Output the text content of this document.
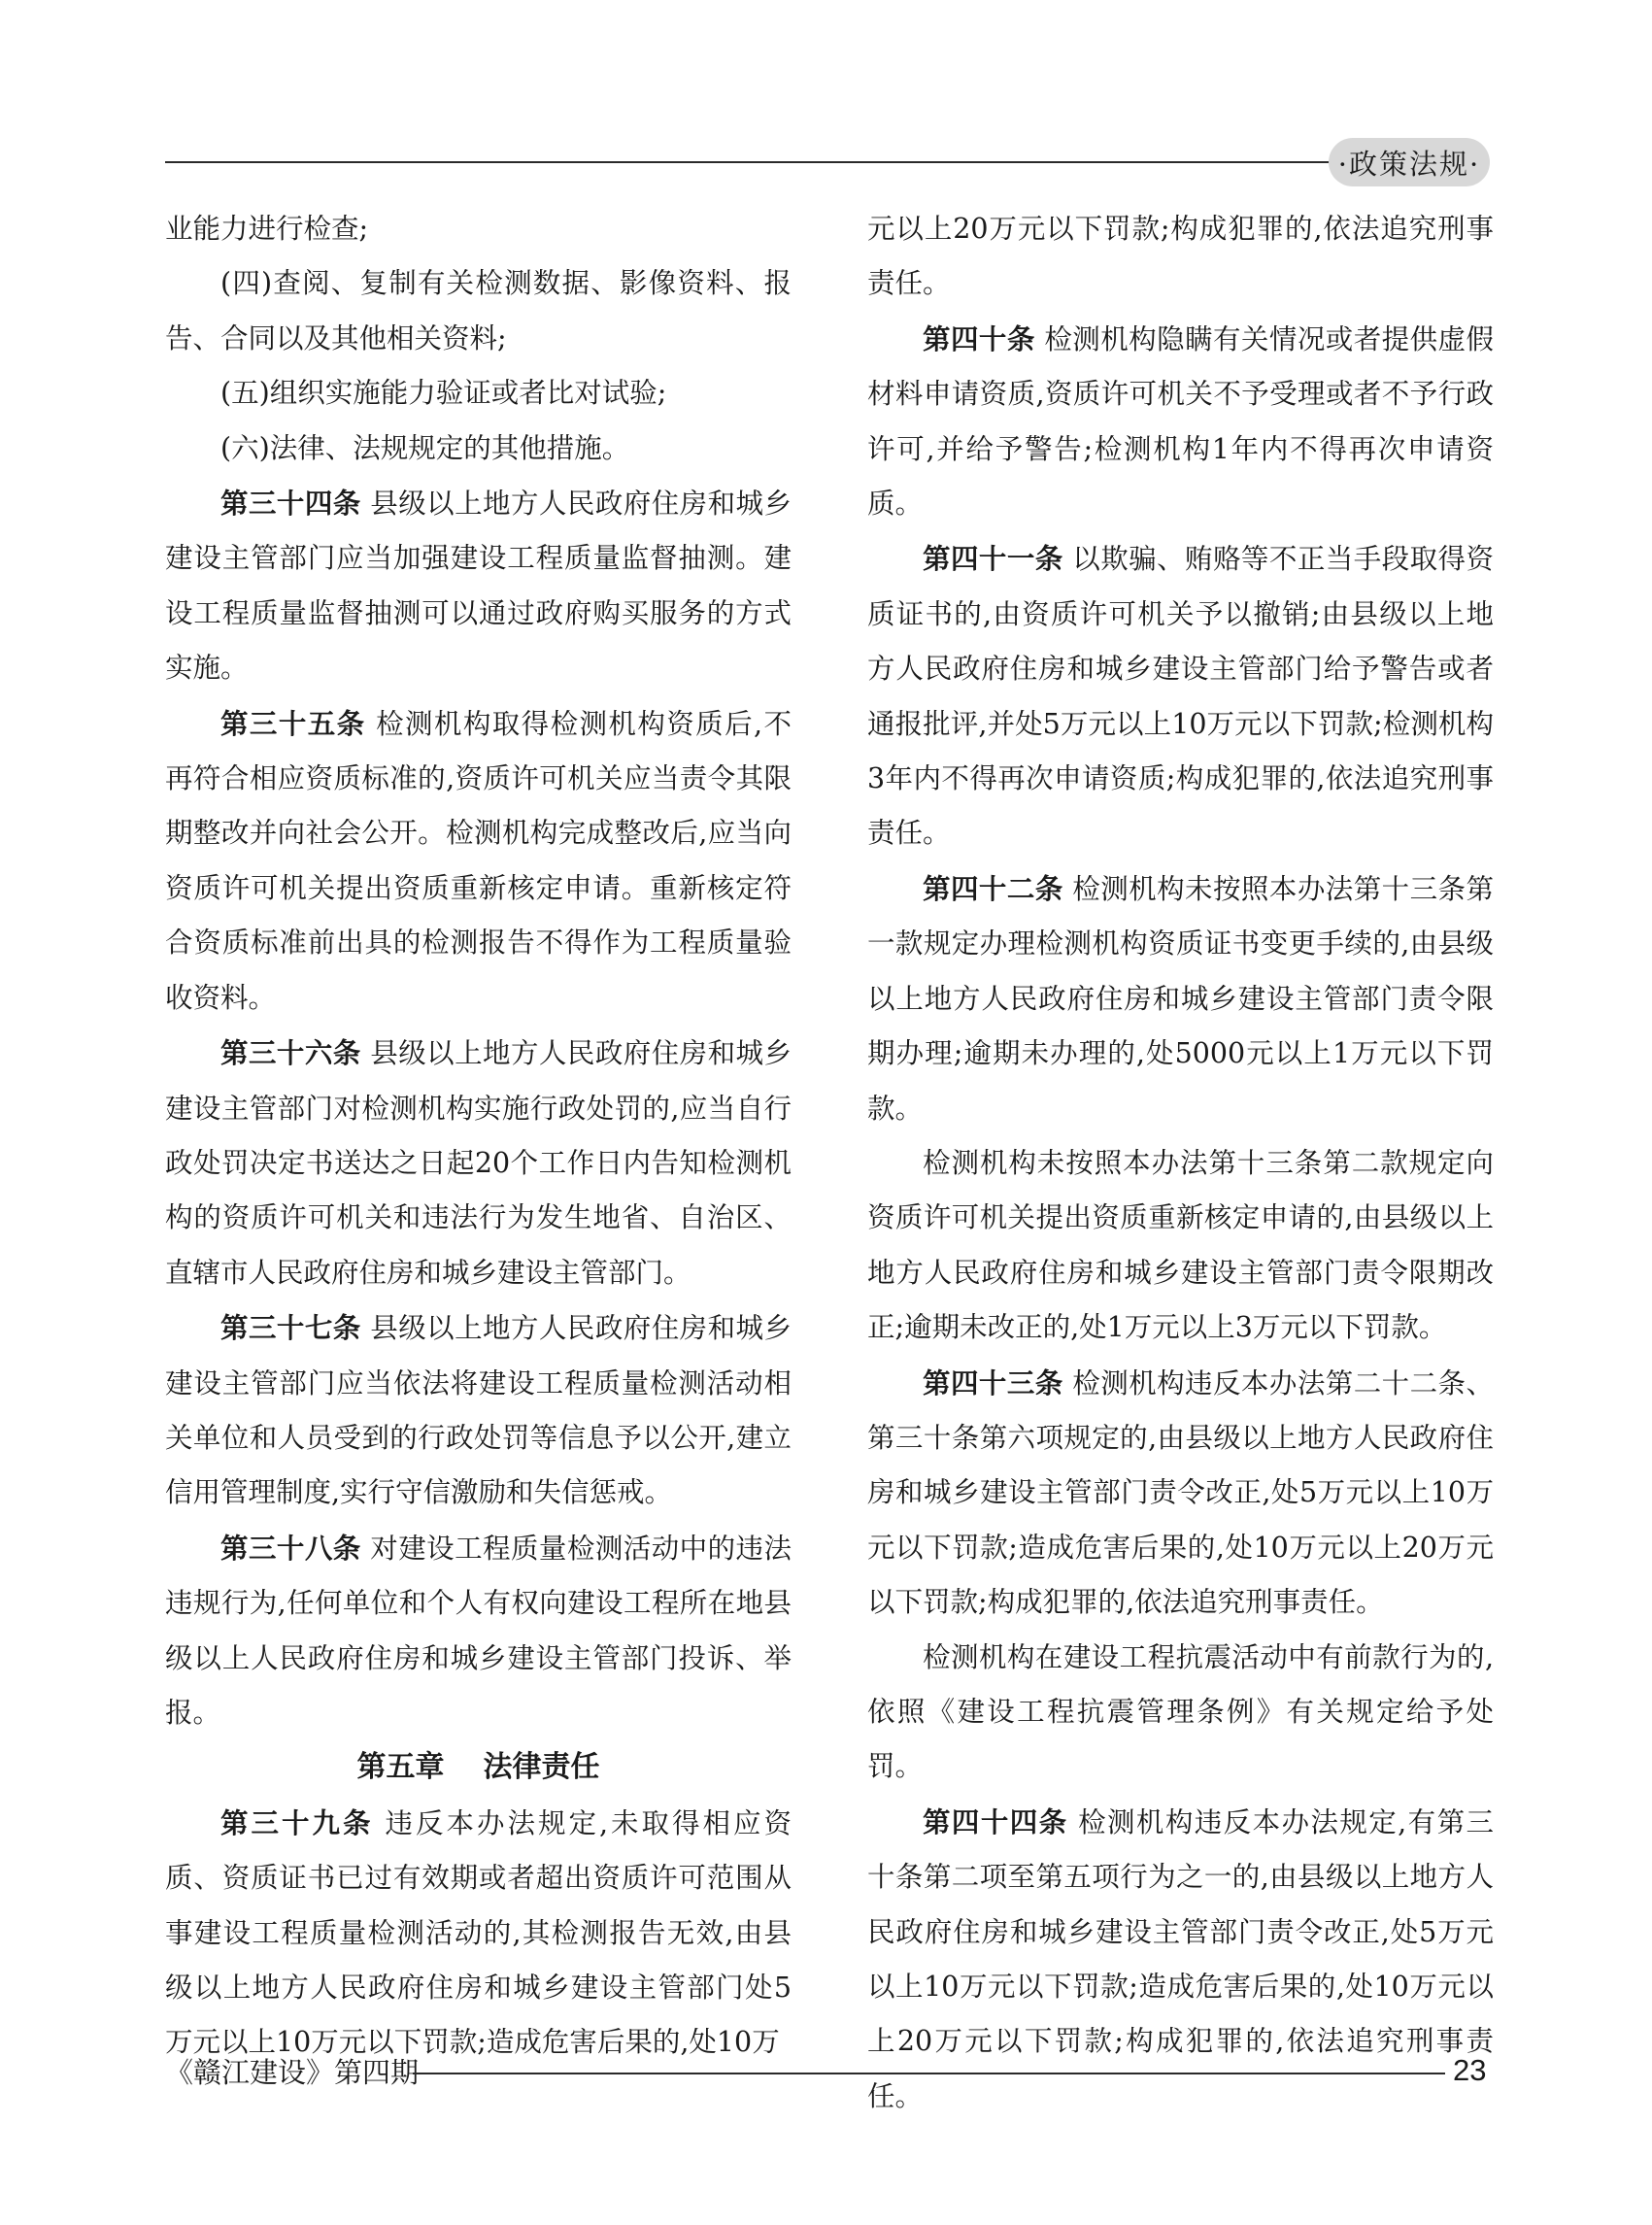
·政策法规·

业能力进行检查;

(四)查阅、复制有关检测数据、影像资料、报告、合同以及其他相关资料;

(五)组织实施能力验证或者比对试验;

(六)法律、法规规定的其他措施。

第三十四条 县级以上地方人民政府住房和城乡建设主管部门应当加强建设工程质量监督抽测。建设工程质量监督抽测可以通过政府购买服务的方式实施。

第三十五条 检测机构取得检测机构资质后,不再符合相应资质标准的,资质许可机关应当责令其限期整改并向社会公开。检测机构完成整改后,应当向资质许可机关提出资质重新核定申请。重新核定符合资质标准前出具的检测报告不得作为工程质量验收资料。

第三十六条 县级以上地方人民政府住房和城乡建设主管部门对检测机构实施行政处罚的,应当自行政处罚决定书送达之日起20个工作日内告知检测机构的资质许可机关和违法行为发生地省、自治区、直辖市人民政府住房和城乡建设主管部门。

第三十七条 县级以上地方人民政府住房和城乡建设主管部门应当依法将建设工程质量检测活动相关单位和人员受到的行政处罚等信息予以公开,建立信用管理制度,实行守信激励和失信惩戒。

第三十八条 对建设工程质量检测活动中的违法违规行为,任何单位和个人有权向建设工程所在地县级以上人民政府住房和城乡建设主管部门投诉、举报。

第五章 法律责任

第三十九条 违反本办法规定,未取得相应资质、资质证书已过有效期或者超出资质许可范围从事建设工程质量检测活动的,其检测报告无效,由县级以上地方人民政府住房和城乡建设主管部门处5万元以上10万元以下罚款;造成危害后果的,处10万

元以上20万元以下罚款;构成犯罪的,依法追究刑事责任。

第四十条 检测机构隐瞒有关情况或者提供虚假材料申请资质,资质许可机关不予受理或者不予行政许可,并给予警告;检测机构1年内不得再次申请资质。

第四十一条 以欺骗、贿赂等不正当手段取得资质证书的,由资质许可机关予以撤销;由县级以上地方人民政府住房和城乡建设主管部门给予警告或者通报批评,并处5万元以上10万元以下罚款;检测机构3年内不得再次申请资质;构成犯罪的,依法追究刑事责任。

第四十二条 检测机构未按照本办法第十三条第一款规定办理检测机构资质证书变更手续的,由县级以上地方人民政府住房和城乡建设主管部门责令限期办理;逾期未办理的,处5000元以上1万元以下罚款。

检测机构未按照本办法第十三条第二款规定向资质许可机关提出资质重新核定申请的,由县级以上地方人民政府住房和城乡建设主管部门责令限期改正;逾期未改正的,处1万元以上3万元以下罚款。

第四十三条 检测机构违反本办法第二十二条、第三十条第六项规定的,由县级以上地方人民政府住房和城乡建设主管部门责令改正,处5万元以上10万元以下罚款;造成危害后果的,处10万元以上20万元以下罚款;构成犯罪的,依法追究刑事责任。

检测机构在建设工程抗震活动中有前款行为的,依照《建设工程抗震管理条例》有关规定给予处罚。

第四十四条 检测机构违反本办法规定,有第三十条第二项至第五项行为之一的,由县级以上地方人民政府住房和城乡建设主管部门责令改正,处5万元以上10万元以下罚款;造成危害后果的,处10万元以上20万元以下罚款;构成犯罪的,依法追究刑事责任。

《赣江建设》第四期	23
